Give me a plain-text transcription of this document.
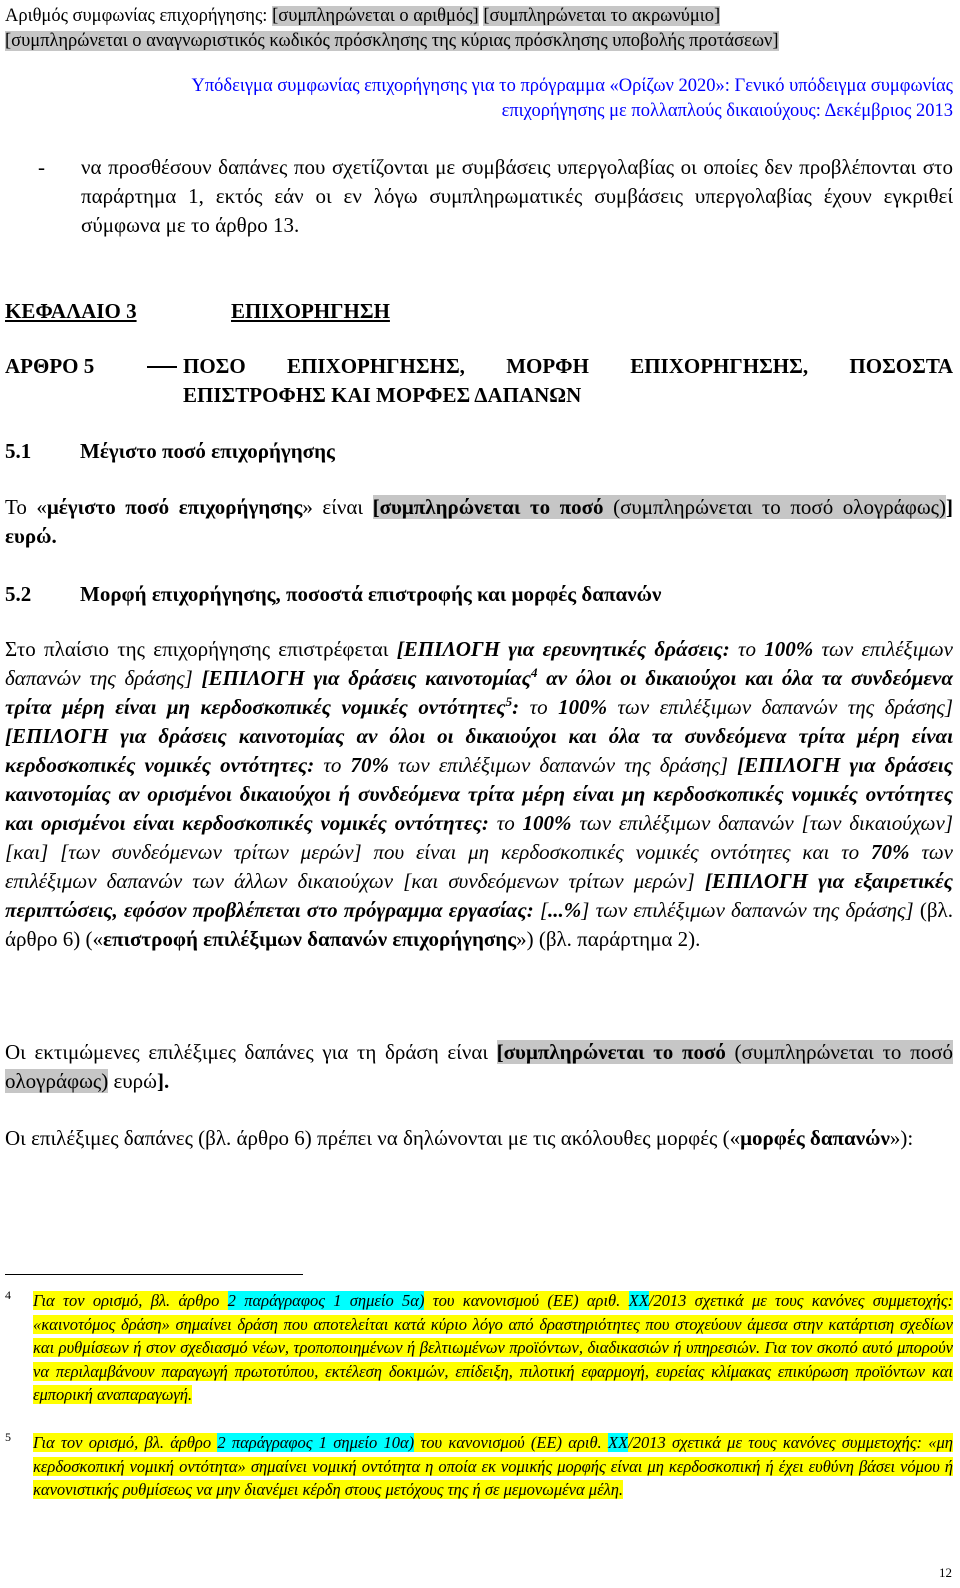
Αριθμός συμφωνίας επιχορήγησης: [συμπληρώνεται ο αριθμός] [συμπληρώνεται το ακρωνύμιο]
[συμπληρώνεται ο αναγνωριστικός κωδικός πρόσκλησης της κύριας πρόσκλησης υποβολής προτάσεων]
Υπόδειγμα συμφωνίας επιχορήγησης για το πρόγραμμα «Ορίζων 2020»: Γενικό υπόδειγμα συμφωνίας
επιχορήγησης με πολλαπλούς δικαιούχους: Δεκέμβριος 2013
- να προσθέσουν δαπάνες που σχετίζονται με συμβάσεις υπεργολαβίας οι οποίες δεν προβλέπονται στο παράρτημα 1, εκτός εάν οι εν λόγω συμπληρωματικές συμβάσεις υπεργολαβίας έχουν εγκριθεί σύμφωνα με το άρθρο 13.
ΚΕΦΑΛΑΙΟ 3	ΕΠΙΧΟΡΗΓΗΣΗ
ΑΡΘΡΟ 5	ΠΟΣΟ ΕΠΙΧΟΡΗΓΗΣΗΣ, ΜΟΡΦΗ ΕΠΙΧΟΡΗΓΗΣΗΣ, ΠΟΣΟΣΤΑ
ΕΠΙΣΤΡΟΦΗΣ ΚΑΙ ΜΟΡΦΕΣ ΔΑΠΑΝΩΝ
5.1 Μέγιστο ποσό επιχορήγησης
Το «μέγιστο ποσό επιχορήγησης» είναι [συμπληρώνεται το ποσό (συμπληρώνεται το ποσό ολογράφως)] ευρώ.
5.2 Μορφή επιχορήγησης, ποσοστά επιστροφής και μορφές δαπανών
Στο πλαίσιο της επιχορήγησης επιστρέφεται [ΕΠΙΛΟΓΗ για ερευνητικές δράσεις: το 100% των επιλέξιμων δαπανών της δράσης] [ΕΠΙΛΟΓΗ για δράσεις καινοτομίας$^4$ αν όλοι οι δικαιούχοι και όλα τα συνδεόμενα τρίτα μέρη είναι μη κερδοσκοπικές νομικές οντότητες$^5$: το 100% των επιλέξιμων δαπανών της δράσης] [ΕΠΙΛΟΓΗ για δράσεις καινοτομίας αν όλοι οι δικαιούχοι και όλα τα συνδεόμενα τρίτα μέρη είναι κερδοσκοπικές νομικές οντότητες: το 70% των επιλέξιμων δαπανών της δράσης] [ΕΠΙΛΟΓΗ για δράσεις καινοτομίας αν ορισμένοι δικαιούχοι ή συνδεόμενα τρίτα μέρη είναι μη κερδοσκοπικές νομικές οντότητες και ορισμένοι είναι κερδοσκοπικές νομικές οντότητες: το 100% των επιλέξιμων δαπανών [των δικαιούχων] [και] [των συνδεόμενων τρίτων μερών] που είναι μη κερδοσκοπικές νομικές οντότητες και το 70% των επιλέξιμων δαπανών των άλλων δικαιούχων [και συνδεόμενων τρίτων μερών] [ΕΠΙΛΟΓΗ για εξαιρετικές περιπτώσεις, εφόσον προβλέπεται στο πρόγραμμα εργασίας: [...%] των επιλέξιμων δαπανών της δράσης] (βλ. άρθρο 6) («επιστροφή επιλέξιμων δαπανών επιχορήγησης») (βλ. παράρτημα 2).
Οι εκτιμώμενες επιλέξιμες δαπάνες για τη δράση είναι [συμπληρώνεται το ποσό (συμπληρώνεται το ποσό ολογράφως) ευρώ].
Οι επιλέξιμες δαπάνες (βλ. άρθρο 6) πρέπει να δηλώνονται με τις ακόλουθες μορφές («μορφές δαπανών»):
4 Για τον ορισμό, βλ. άρθρο 2 παράγραφος 1 σημείο 5α) του κανονισμού (ΕΕ) αριθ. XX/2013 σχετικά με τους κανόνες συμμετοχής: «καινοτόμος δράση» σημαίνει δράση που αποτελείται κατά κύριο λόγο από δραστηριότητες που στοχεύουν άμεσα στην κατάρτιση σχεδίων και ρυθμίσεων ή στον σχεδιασμό νέων, τροποποιημένων ή βελτιωμένων προϊόντων, διαδικασιών ή υπηρεσιών. Για τον σκοπό αυτό μπορούν να περιλαμβάνουν παραγωγή πρωτοτύπου, εκτέλεση δοκιμών, επίδειξη, πιλοτική εφαρμογή, ευρείας κλίμακας επικύρωση προϊόντων και εμπορική αναπαραγωγή.
5 Για τον ορισμό, βλ. άρθρο 2 παράγραφος 1 σημείο 10α) του κανονισμού (ΕΕ) αριθ. XX/2013 σχετικά με τους κανόνες συμμετοχής: «μη κερδοσκοπική νομική οντότητα» σημαίνει νομική οντότητα η οποία εκ νομικής μορφής είναι μη κερδοσκοπική ή έχει ευθύνη βάσει νόμου ή κανονιστικής ρυθμίσεως να μην διανέμει κέρδη στους μετόχους της ή σε μεμονωμένα μέλη.
12
